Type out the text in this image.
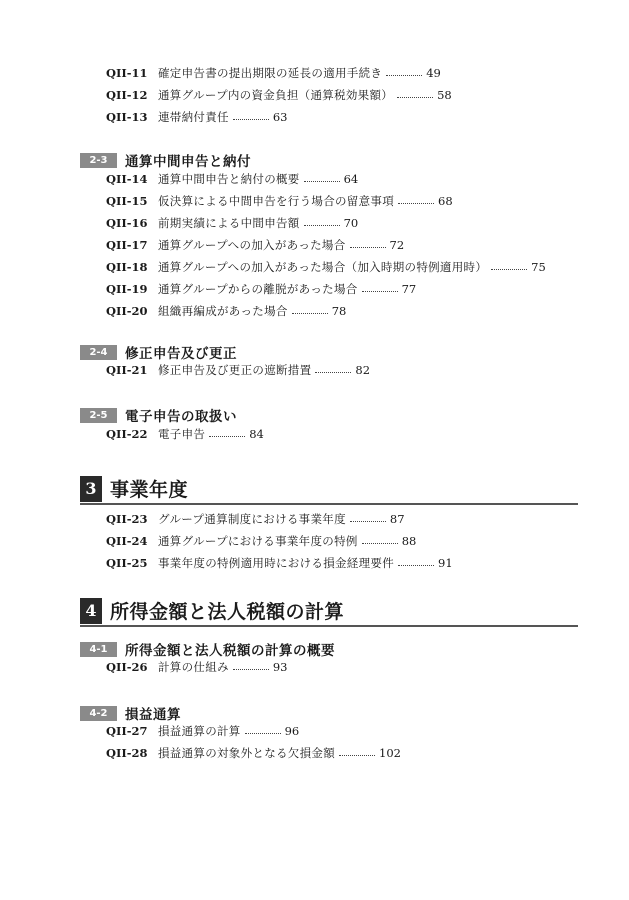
QII-11 確定申告書の提出期限の延長の適用手続き	49
QII-12 通算グループ内の資金負担（通算税効果額）	58
QII-13 連帯納付責任	63
2-3	通算中間申告と納付
QII-14 通算中間申告と納付の概要	64
QII-15 仮決算による中間申告を行う場合の留意事項	68
QII-16 前期実績による中間申告額	70
QII-17 通算グループへの加入があった場合	72
QII-18 通算グループへの加入があった場合（加入時期の特例適用時）	75
QII-19 通算グループからの離脱があった場合	77
QII-20 組織再編成があった場合	78
2-4	修正申告及び更正
QII-21 修正申告及び更正の遮断措置	82
2-5	電子申告の取扱い
QII-22 電子申告	84
3 事業年度
QII-23 グループ通算制度における事業年度	87
QII-24 通算グループにおける事業年度の特例	88
QII-25 事業年度の特例適用時における損金経理要件	91
4 所得金額と法人税額の計算
4-1	所得金額と法人税額の計算の概要
QII-26 計算の仕組み	93
4-2	損益通算
QII-27 損益通算の計算	96
QII-28 損益通算の対象外となる欠損金額	102
